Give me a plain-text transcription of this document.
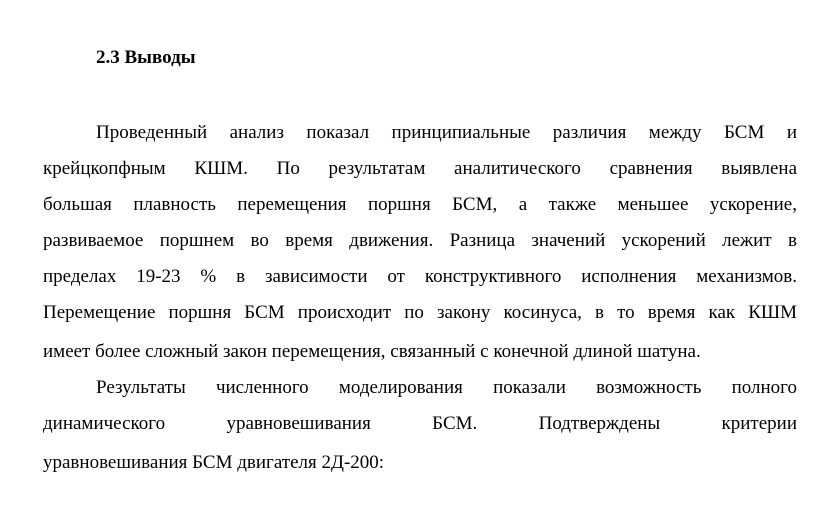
2.3 Выводы
Проведенный анализ показал принципиальные различия между БСМ и
крейцкопфным КШМ. По результатам аналитического сравнения выявлена
большая плавность перемещения поршня БСМ, а также меньшее ускорение,
развиваемое поршнем во время движения. Разница значений ускорений лежит в
пределах 19-23 % в зависимости от конструктивного исполнения механизмов.
Перемещение поршня БСМ происходит по закону косинуса, в то время как КШМ
имеет более сложный закон перемещения, связанный с конечной длиной шатуна.
Результаты численного моделирования показали возможность полного
динамического уравновешивания БСМ. Подтверждены критерии
уравновешивания БСМ двигателя 2Д-200:
